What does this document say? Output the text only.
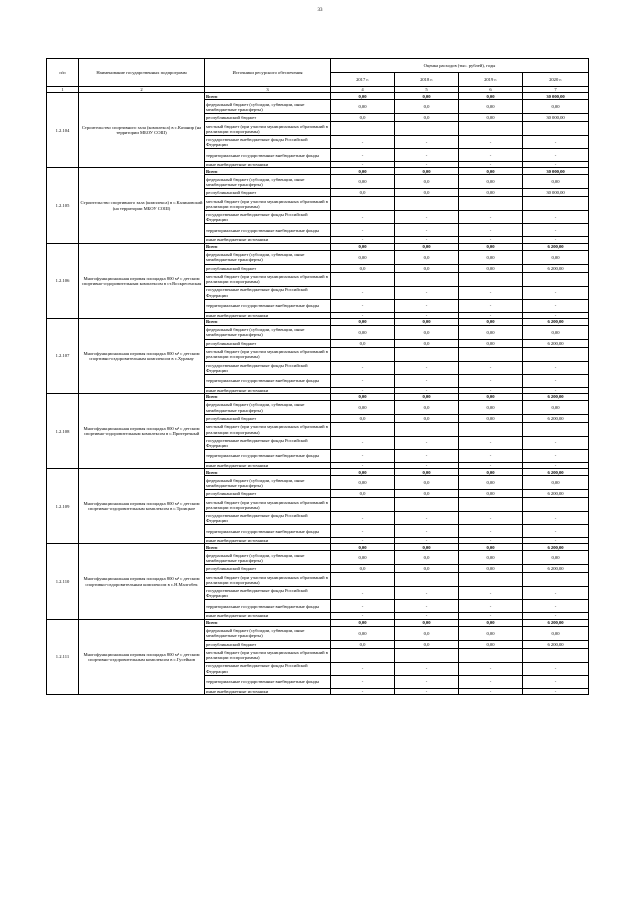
33
п/п	Наименование государственных подпрограмм	Источники ресурсного обеспечения	Оценка расходов (тыс. рублей), годы			
			2017 г.	2018 г.	2019 г.	2020 г.
1	2	3	4	5	6	7
1.2.104	Строительство спортивного зала (комплекса) в с.Казанир (на территории МБОУ СОШ)	Всего	0,00	0,00	0,00	30 000,00
		федеральный бюджет (субсидии, субвенции, иные межбюджетные трансферты)	0,00	0,0	0,00	0,00
		республиканский бюджет	0,0	0,0	0,00	30 000,00
		местный бюджет (при участии муниципальных образований в реализации госпрограммы)				
		государственные внебюджетные фонды Российской Федерации	-	-	-	-
		территориальные государственные внебюджетные фонды	-	-	-	-
		иные внебюджетные источники	-	-	-	-
1.2.105	Строительство спортивного зала (комплекса) в с.Калиновский (на территории МБОУ СОШ)	Всего	0,00	0,00	0,00	30 000,00
		федеральный бюджет (субсидии, субвенции, иные межбюджетные трансферты)	0,00	0,0	0,00	0,00
		республиканский бюджет	0,0	0,0	0,00	30 000,00
		местный бюджет (при участии муниципальных образований в реализации госпрограммы)				
		государственные внебюджетные фонды Российской Федерации	-	-	-	-
		территориальные государственные внебюджетные фонды	-	-	-	-
		иные внебюджетные источники	-	-	-	-
1.2.106	Многофункциональная игровая площадка 800 м² с детским спортивно-оздоровительным комплексом в ст.Воскресенская	Всего	0,00	0,00	0,00	6 200,00
		федеральный бюджет (субсидии, субвенции, иные межбюджетные трансферты)	0,00	0,0	0,00	0,00
		республиканский бюджет	0,0	0,0	0,00	6 200,00
		местный бюджет (при участии муниципальных образований в реализации госпрограммы)				
		государственные внебюджетные фонды Российской Федерации	-	-	-	-
		территориальные государственные внебюджетные фонды	-	-	-	-
		иные внебюджетные источники	-	-	-	-
1.2.107	Многофункциональная игровая площадка 800 м² с детским спортивно-оздоровительным комплексом в с.Хуракау	Всего	0,00	0,00	0,00	6 200,00
		федеральный бюджет (субсидии, субвенции, иные межбюджетные трансферты)	0,00	0,0	0,00	0,00
		республиканский бюджет	0,0	0,0	0,00	6 200,00
		местный бюджет (при участии муниципальных образований в реализации госпрограммы)				
		государственные внебюджетные фонды Российской Федерации	-	-	-	-
		территориальные государственные внебюджетные фонды	-	-	-	-
		иные внебюджетные источники	-	-	-	-
1.2.108	Многофункциональная игровая площадка 800 м² с детским спортивно-оздоровительным комплексом в с.Притеречный	Всего	0,00	0,00	0,00	6 200,00
		федеральный бюджет (субсидии, субвенции, иные межбюджетные трансферты)	0,00	0,0	0,00	0,00
		республиканский бюджет	0,0	0,0	0,00	6 200,00
		местный бюджет (при участии муниципальных образований в реализации госпрограммы)				
		государственные внебюджетные фонды Российской Федерации	-	-	-	-
		территориальные государственные внебюджетные фонды	-	-	-	-
		иные внебюджетные источники	-	-	-	-
1.2.109	Многофункциональная игровая площадка 800 м² с детским спортивно-оздоровительным комплексом в с.Троицкое	Всего	0,00	0,00	0,00	6 200,00
		федеральный бюджет (субсидии, субвенции, иные межбюджетные трансферты)	0,00	0,0	0,00	0,00
		республиканский бюджет	0,0	0,0	0,00	6 200,00
		местный бюджет (при участии муниципальных образований в реализации госпрограммы)				
		государственные внебюджетные фонды Российской Федерации	-	-	-	-
		территориальные государственные внебюджетные фонды	-	-	-	-
		иные внебюджетные источники	-	-	-	-
1.2.110	Многофункциональная игровая площадка 800 м² с детским спортивно-оздоровительным комплексом в с.Н.Малгобек	Всего	0,00	0,00	0,00	6 200,00
		федеральный бюджет (субсидии, субвенции, иные межбюджетные трансферты)	0,00	0,0	0,00	0,00
		республиканский бюджет	0,0	0,0	0,00	6 200,00
		местный бюджет (при участии муниципальных образований в реализации госпрограммы)				
		государственные внебюджетные фонды Российской Федерации	-	-	-	-
		территориальные государственные внебюджетные фонды	-	-	-	-
		иные внебюджетные источники	-	-	-	-
1.2.111	Многофункциональная игровая площадка 800 м² с детским спортивно-оздоровительным комплексом в с.Гусейнов	Всего	0,00	0,00	0,00	6 200,00
		федеральный бюджет (субсидии, субвенции, иные межбюджетные трансферты)	0,00	0,0	0,00	0,00
		республиканский бюджет	0,0	0,0	0,00	6 200,00
		местный бюджет (при участии муниципальных образований в реализации госпрограммы)				
		государственные внебюджетные фонды Российской Федерации	-	-	-	-
		территориальные государственные внебюджетные фонды	-	-	-	-
		иные внебюджетные источники	-	-	-	-
